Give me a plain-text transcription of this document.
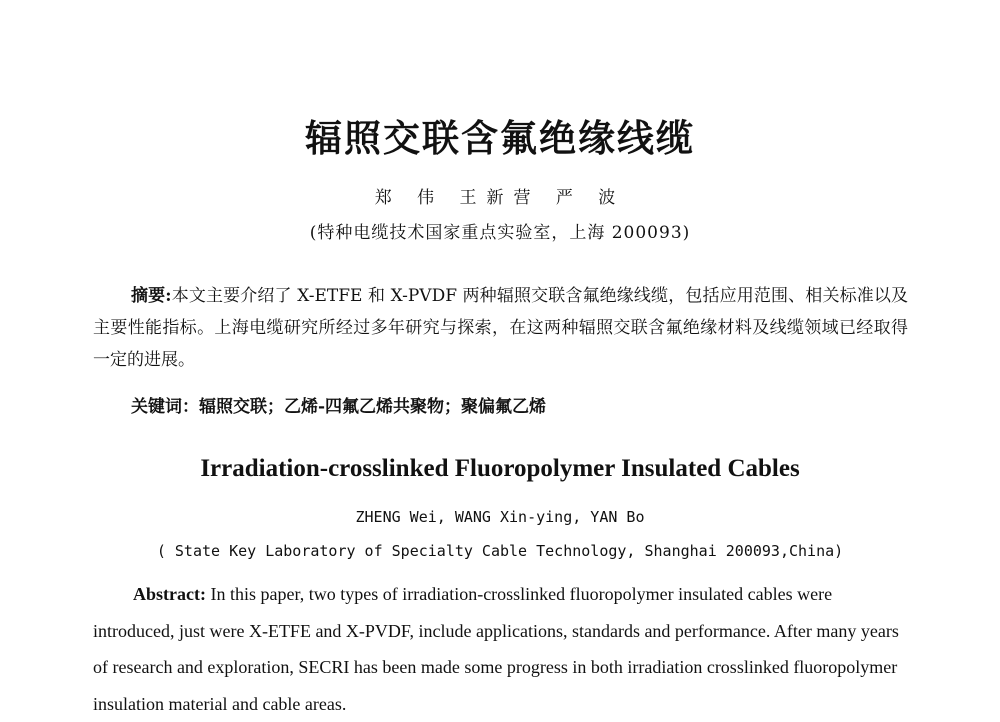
辐照交联含氟绝缘线缆
郑 伟 王新营 严 波
(特种电缆技术国家重点实验室，上海 200093)
摘要:本文主要介绍了 X-ETFE 和 X-PVDF 两种辐照交联含氟绝缘线缆，包括应用范围、相关标准以及主要性能指标。上海电缆研究所经过多年研究与探索，在这两种辐照交联含氟绝缘材料及线缆领域已经取得一定的进展。
关键词：辐照交联；乙烯-四氟乙烯共聚物；聚偏氟乙烯
Irradiation-crosslinked Fluoropolymer Insulated Cables
ZHENG Wei, WANG Xin-ying, YAN Bo
( State Key Laboratory of Specialty Cable Technology, Shanghai 200093,China)
Abstract: In this paper, two types of irradiation-crosslinked fluoropolymer insulated cables were introduced, just were X-ETFE and X-PVDF, include applications, standards and performance. After many years of research and exploration, SECRI has been made some progress in both irradiation crosslinked fluoropolymer insulation material and cable areas.
